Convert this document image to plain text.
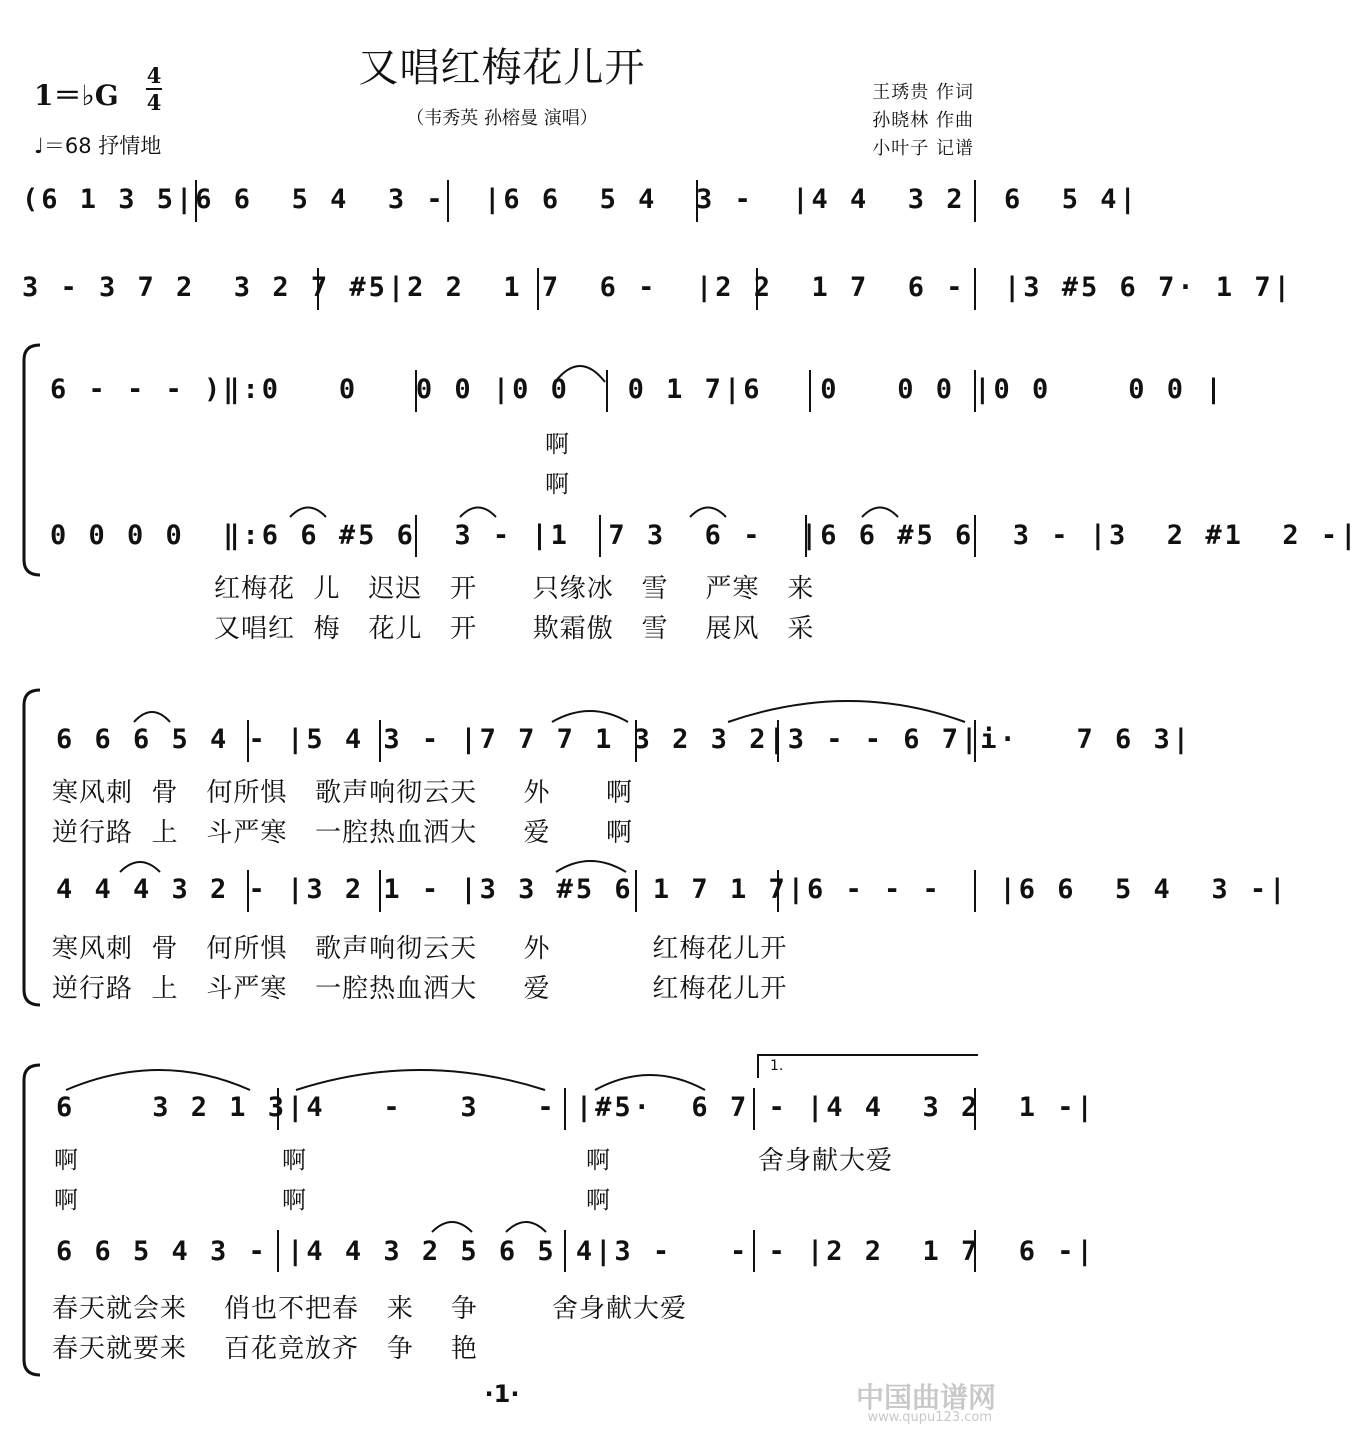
又唱红梅花儿开
（韦秀英 孙榕曼 演唱）
1＝♭G
4
4
♩＝68 抒情地
王琇贵 作词
孙晓林 作曲
小叶子 记谱
(6 1 3 5|6 6  5 4  3 -  |6 6  5 4  3 -  |4 4  3 2  6  5 4|
3 - 3 7 2  3 2 7 #5|2 2  1 7  6 -  |2 2  1 7  6 -  |3 #5 6 7· 1 7|
6 - - - )‖:0   0   0 0 |0 0   0 1 7|6   0   0 0 |0 0    0 0 |
啊
啊
0 0 0 0  ‖:6 6 #5 6  3 - |1  7 3  6 -  |6 6 #5 6  3 - |3  2 #1  2 -|
红梅花  儿   迟迟   开      只缘冰   雪    严寒   来
又唱红  梅   花儿   开      欺霜傲   雪    展风   采
6 6 6 5 4 - |5 4 3 - |7 7 7 1 3 2 3 2|3 - - 6 7|i·   7 6 3|
寒风刺  骨   何所惧   歌声响彻云天     外      啊
逆行路  上   斗严寒   一腔热血洒大     爱      啊
4 4 4 3 2 - |3 2 1 - |3 3 #5 6 1 7 1 7|6 - - -   |6 6  5 4  3 -|
寒风刺  骨   何所惧   歌声响彻云天     外           红梅花儿开
逆行路  上   斗严寒   一腔热血洒大     爱           红梅花儿开
1.
6    3 2 1 3|4   -   3   - |#5·  6 7 - |4 4  3 2  1 -|
啊	啊	啊	舍身献大爱
啊	啊	啊
6 6 5 4 3 - |4 4 3 2 5 6 5 4|3 -   - - |2 2  1 7  6 -|
春天就会来    俏也不把春   来    争        舍身献大爱
春天就要来    百花竞放齐   争    艳
·1·	中国曲谱网
www.qupu123.com
